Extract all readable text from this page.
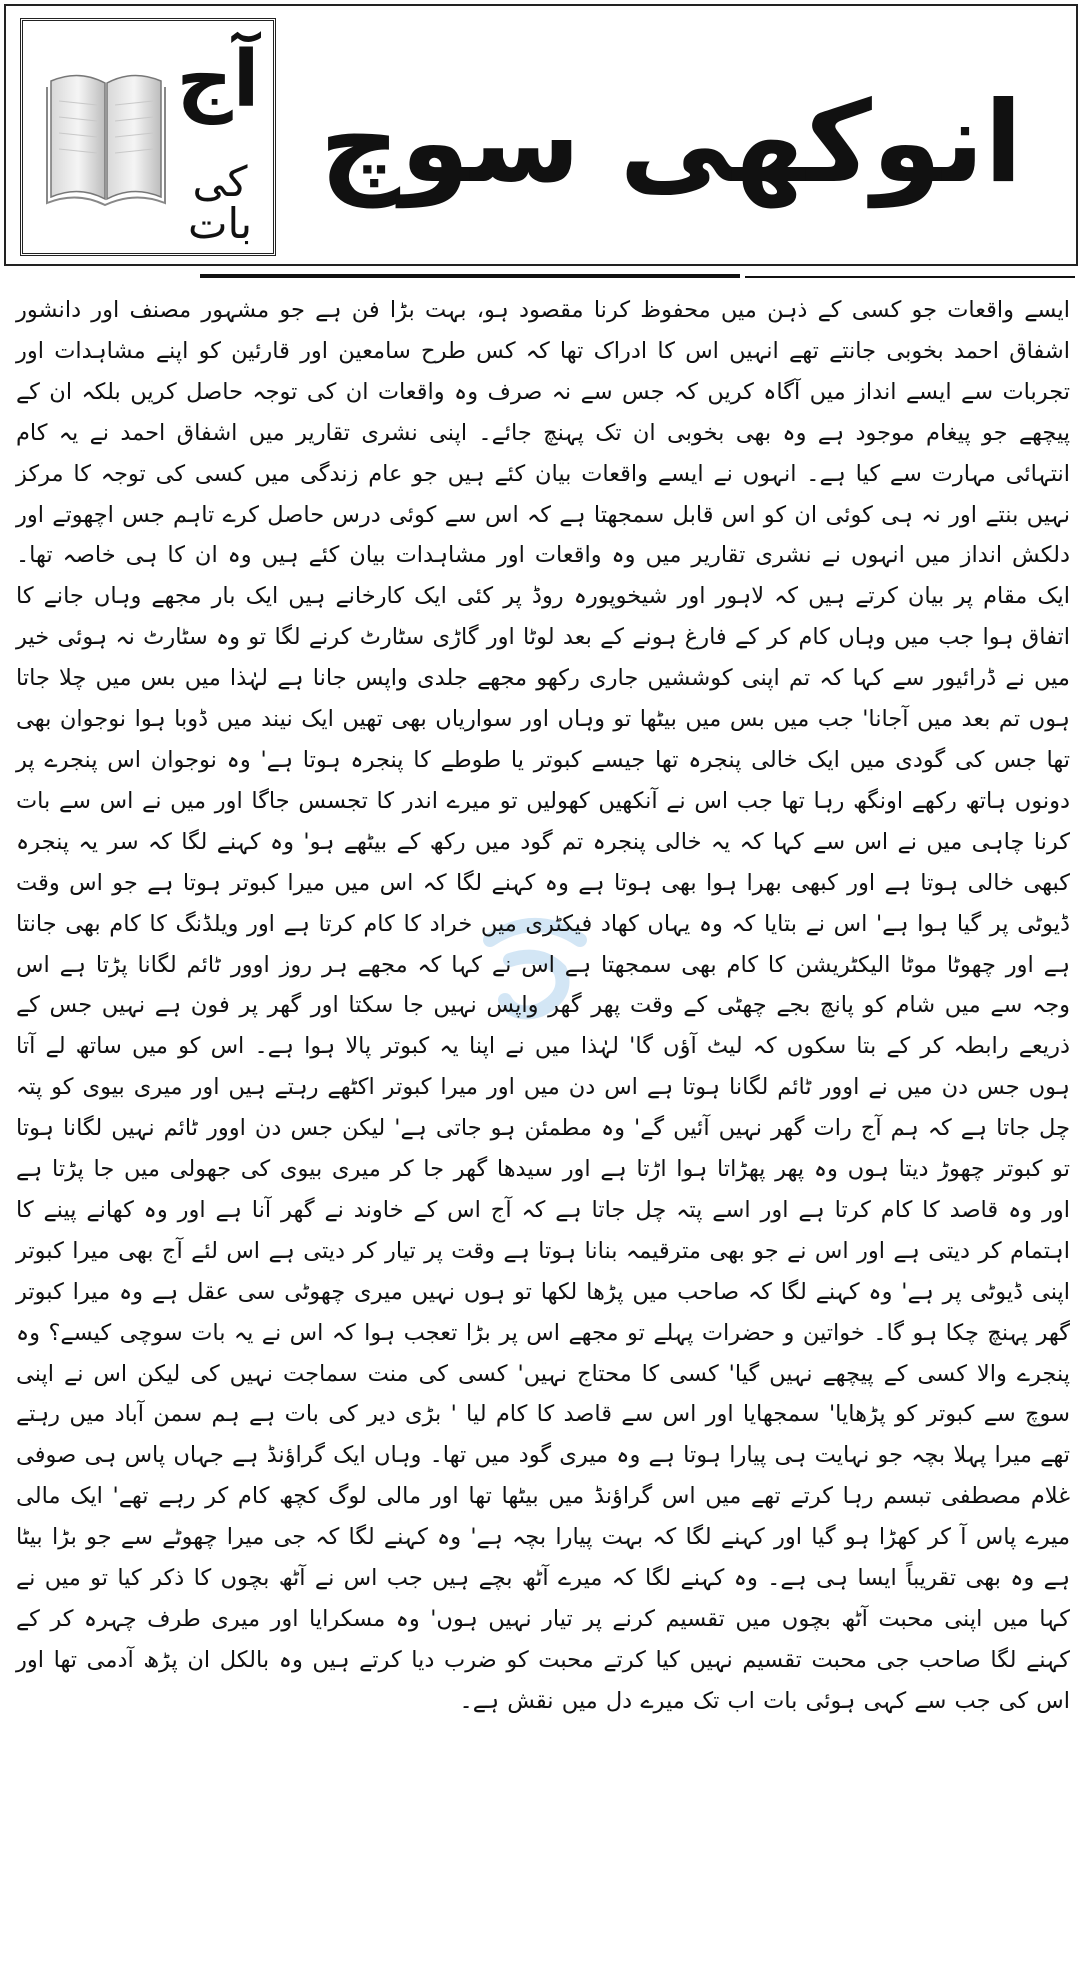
آج
کی بات
انوکھی سوچ

ایسے واقعات جو کسی کے ذہن میں محفوظ کرنا مقصود ہو، بہت بڑا فن ہے جو مشہور مصنف اور دانشور اشفاق احمد بخوبی جانتے تھے انہیں اس کا ادراک تھا کہ کس طرح سامعین اور قارئین کو اپنے مشاہدات اور تجربات سے ایسے انداز میں آگاہ کریں کہ جس سے نہ صرف وہ واقعات ان کی توجہ حاصل کریں بلکہ ان کے پیچھے جو پیغام موجود ہے وہ بھی بخوبی ان تک پہنچ جائے۔ اپنی نشری تقاریر میں اشفاق احمد نے یہ کام انتہائی مہارت سے کیا ہے۔ انہوں نے ایسے واقعات بیان کئے ہیں جو عام زندگی میں کسی کی توجہ کا مرکز نہیں بنتے اور نہ ہی کوئی ان کو اس قابل سمجھتا ہے کہ اس سے کوئی درس حاصل کرے تاہم جس اچھوتے اور دلکش انداز میں انہوں نے نشری تقاریر میں وہ واقعات اور مشاہدات بیان کئے ہیں وہ ان کا ہی خاصہ تھا۔ ایک مقام پر بیان کرتے ہیں کہ لاہور اور شیخوپورہ روڈ پر کئی ایک کارخانے ہیں ایک بار مجھے وہاں جانے کا اتفاق ہوا جب میں وہاں کام کر کے فارغ ہونے کے بعد لوٹا اور گاڑی سٹارٹ کرنے لگا تو وہ سٹارٹ نہ ہوئی خیر میں نے ڈرائیور سے کہا کہ تم اپنی کوششیں جاری رکھو مجھے جلدی واپس جانا ہے لہٰذا میں بس میں چلا جاتا ہوں تم بعد میں آجانا' جب میں بس میں بیٹھا تو وہاں اور سواریاں بھی تھیں ایک نیند میں ڈوبا ہوا نوجوان بھی تھا جس کی گودی میں ایک خالی پنجرہ تھا جیسے کبوتر یا طوطے کا پنجرہ ہوتا ہے' وہ نوجوان اس پنجرے پر دونوں ہاتھ رکھے اونگھ رہا تھا جب اس نے آنکھیں کھولیں تو میرے اندر کا تجسس جاگا اور میں نے اس سے بات کرنا چاہی میں نے اس سے کہا کہ یہ خالی پنجرہ تم گود میں رکھ کے بیٹھے ہو' وہ کہنے لگا کہ سر یہ پنجرہ کبھی خالی ہوتا ہے اور کبھی بھرا ہوا بھی ہوتا ہے وہ کہنے لگا کہ اس میں میرا کبوتر ہوتا ہے جو اس وقت ڈیوٹی پر گیا ہوا ہے' اس نے بتایا کہ وہ یہاں کھاد فیکٹری میں خراد کا کام کرتا ہے اور ویلڈنگ کا کام بھی جانتا ہے اور چھوٹا موٹا الیکٹریشن کا کام بھی سمجھتا ہے اس نے کہا کہ مجھے ہر روز اوور ٹائم لگانا پڑتا ہے اس وجہ سے میں شام کو پانچ بجے چھٹی کے وقت پھر گھر واپس نہیں جا سکتا اور گھر پر فون ہے نہیں جس کے ذریعے رابطہ کر کے بتا سکوں کہ لیٹ آؤں گا' لہٰذا میں نے اپنا یہ کبوتر پالا ہوا ہے۔ اس کو میں ساتھ لے آتا ہوں جس دن میں نے اوور ٹائم لگانا ہوتا ہے اس دن میں اور میرا کبوتر اکٹھے رہتے ہیں اور میری بیوی کو پتہ چل جاتا ہے کہ ہم آج رات گھر نہیں آئیں گے' وہ مطمئن ہو جاتی ہے' لیکن جس دن اوور ٹائم نہیں لگانا ہوتا تو کبوتر چھوڑ دیتا ہوں وہ پھر پھڑاتا ہوا اڑتا ہے اور سیدھا گھر جا کر میری بیوی کی جھولی میں جا پڑتا ہے اور وہ قاصد کا کام کرتا ہے اور اسے پتہ چل جاتا ہے کہ آج اس کے خاوند نے گھر آنا ہے اور وہ کھانے پینے کا اہتمام کر دیتی ہے اور اس نے جو بھی مترقیمہ بنانا ہوتا ہے وقت پر تیار کر دیتی ہے اس لئے آج بھی میرا کبوتر اپنی ڈیوٹی پر ہے' وہ کہنے لگا کہ صاحب میں پڑھا لکھا تو ہوں نہیں میری چھوٹی سی عقل ہے وہ میرا کبوتر گھر پہنچ چکا ہو گا۔ خواتین و حضرات پہلے تو مجھے اس پر بڑا تعجب ہوا کہ اس نے یہ بات سوچی کیسے؟ وہ پنجرے والا کسی کے پیچھے نہیں گیا' کسی کا محتاج نہیں' کسی کی منت سماجت نہیں کی لیکن اس نے اپنی سوچ سے کبوتر کو پڑھایا' سمجھایا اور اس سے قاصد کا کام لیا ' بڑی دیر کی بات ہے ہم سمن آباد میں رہتے تھے میرا پہلا بچہ جو نہایت ہی پیارا ہوتا ہے وہ میری گود میں تھا۔ وہاں ایک گراؤنڈ ہے جہاں پاس ہی صوفی غلام مصطفی تبسم رہا کرتے تھے میں اس گراؤنڈ میں بیٹھا تھا اور مالی لوگ کچھ کام کر رہے تھے' ایک مالی میرے پاس آ کر کھڑا ہو گیا اور کہنے لگا کہ بہت پیارا بچہ ہے' وہ کہنے لگا کہ جی میرا چھوٹے سے جو بڑا بیٹا ہے وہ بھی تقریباً ایسا ہی ہے۔ وہ کہنے لگا کہ میرے آٹھ بچے ہیں جب اس نے آٹھ بچوں کا ذکر کیا تو میں نے کہا میں اپنی محبت آٹھ بچوں میں تقسیم کرنے پر تیار نہیں ہوں' وہ مسکرایا اور میری طرف چہرہ کر کے کہنے لگا صاحب جی محبت تقسیم نہیں کیا کرتے محبت کو ضرب دیا کرتے ہیں وہ بالکل ان پڑھ آدمی تھا اور اس کی جب سے کہی ہوئی بات اب تک میرے دل میں نقش ہے۔
